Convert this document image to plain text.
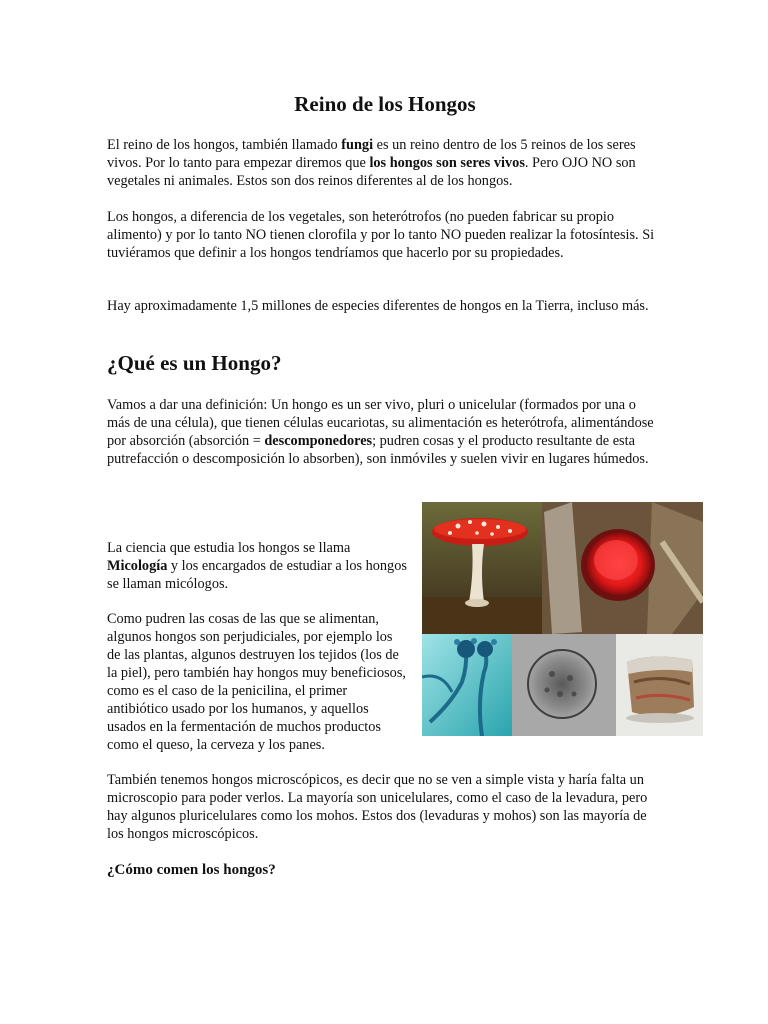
Reino de los Hongos

El reino de los hongos, también llamado fungi es un reino dentro de los 5 reinos de los seres vivos. Por lo tanto para empezar diremos que los hongos son seres vivos. Pero OJO NO son vegetales ni animales. Estos son dos reinos diferentes al de los hongos.

Los hongos, a diferencia de los vegetales, son heterótrofos (no pueden fabricar su propio alimento) y por lo tanto NO tienen clorofila y por lo tanto NO pueden realizar la fotosíntesis. Si tuviéramos que definir a los hongos tendríamos que hacerlo por su propiedades.

Hay aproximadamente 1,5 millones de especies diferentes de hongos en la Tierra, incluso más.

¿Qué es un Hongo?

Vamos a dar una definición: Un hongo es un ser vivo, pluri o unicelular (formados por una o más de una célula), que tienen células eucariotas, su alimentación es heterótrofa, alimentándose por absorción (absorción = descomponedores; pudren cosas y el producto resultante de esta putrefacción o descomposición lo absorben), son inmóviles y suelen vivir en lugares húmedos.

La ciencia que estudia los hongos se llama Micología y los encargados de estudiar a los hongos se llaman micólogos.

Como pudren las cosas de las que se alimentan, algunos hongos son perjudiciales, por ejemplo los de las plantas, algunos destruyen los tejidos (los de la piel), pero también hay hongos muy beneficiosos, como es el caso de la penicilina, el primer antibiótico usado por los humanos, y aquellos usados en la fermentación de muchos productos como el queso, la cerveza y los panes.

También tenemos hongos microscópicos, es decir que no se ven a simple vista y haría falta un microscopio para poder verlos. La mayoría son unicelulares, como el caso de la levadura, pero hay algunos pluricelulares como los mohos. Estos dos (levaduras y mohos) son las mayoría de los hongos microscópicos.

¿Cómo comen los hongos?
